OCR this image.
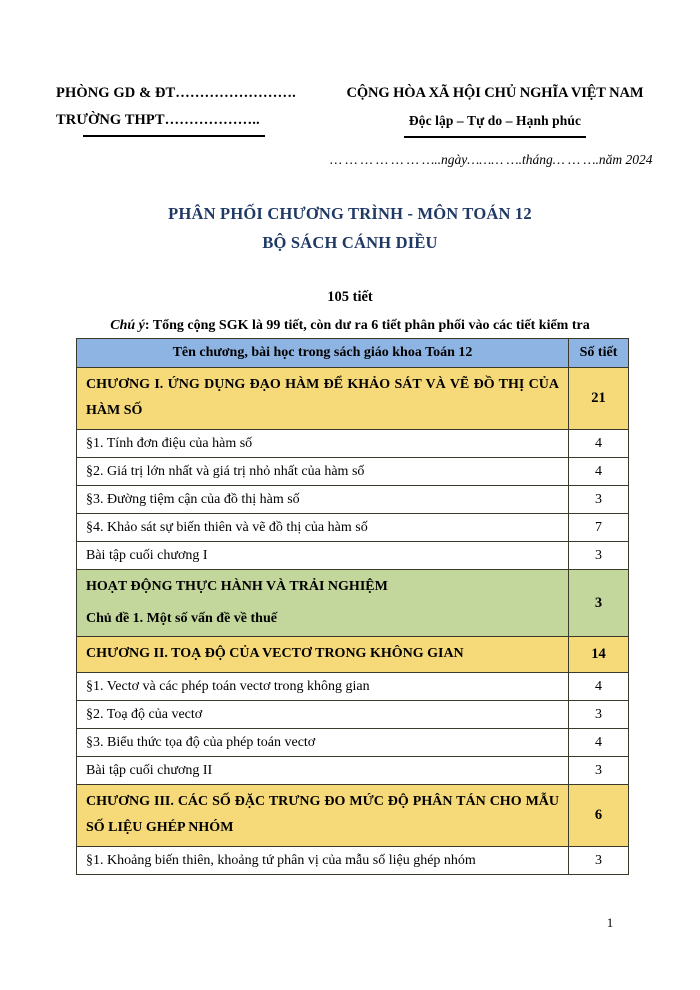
PHÒNG GD & ĐT…………………….
TRƯỜNG THPT………………..
CỘNG HÒA XÃ HỘI CHỦ NGHĨA VIỆT NAM
Độc lập – Tự do – Hạnh phúc
… … … … … … …..ngày……… ….tháng… … ….năm 2024
PHÂN PHỐI CHƯƠNG TRÌNH - MÔN TOÁN 12
BỘ SÁCH CÁNH DIỀU
105 tiết
Chú ý: Tổng cộng SGK là 99 tiết, còn dư ra 6 tiết phân phối vào các tiết kiểm tra
Tên chương, bài học trong sách giáo khoa Toán 12	Số tiết
CHƯƠNG I. ỨNG DỤNG ĐẠO HÀM ĐỂ KHẢO SÁT VÀ VẼ ĐỒ THỊ CỦA HÀM SỐ	21
§1. Tính đơn điệu của hàm số	4
§2. Giá trị lớn nhất và giá trị nhỏ nhất của hàm số	4
§3. Đường tiệm cận của đồ thị hàm số	3
§4. Khảo sát sự biến thiên và vẽ đồ thị của hàm số	7
Bài tập cuối chương I	3

HOẠT ĐỘNG THỰC HÀNH VÀ TRẢI NGHIỆM
Chủ đề 1. Một số vấn đề về thuế	3
CHƯƠNG II. TOẠ ĐỘ CỦA VECTƠ TRONG KHÔNG GIAN	14
§1. Vectơ và các phép toán vectơ trong không gian	4
§2. Toạ độ của vectơ	3
§3. Biểu thức tọa độ của phép toán vectơ	4
Bài tập cuối chương II	3
CHƯƠNG III. CÁC SỐ ĐẶC TRƯNG ĐO MỨC ĐỘ PHÂN TÁN CHO MẪU SỐ LIỆU GHÉP NHÓM	6
§1. Khoảng biến thiên, khoảng tứ phân vị của mẫu số liệu ghép nhóm	3
1
